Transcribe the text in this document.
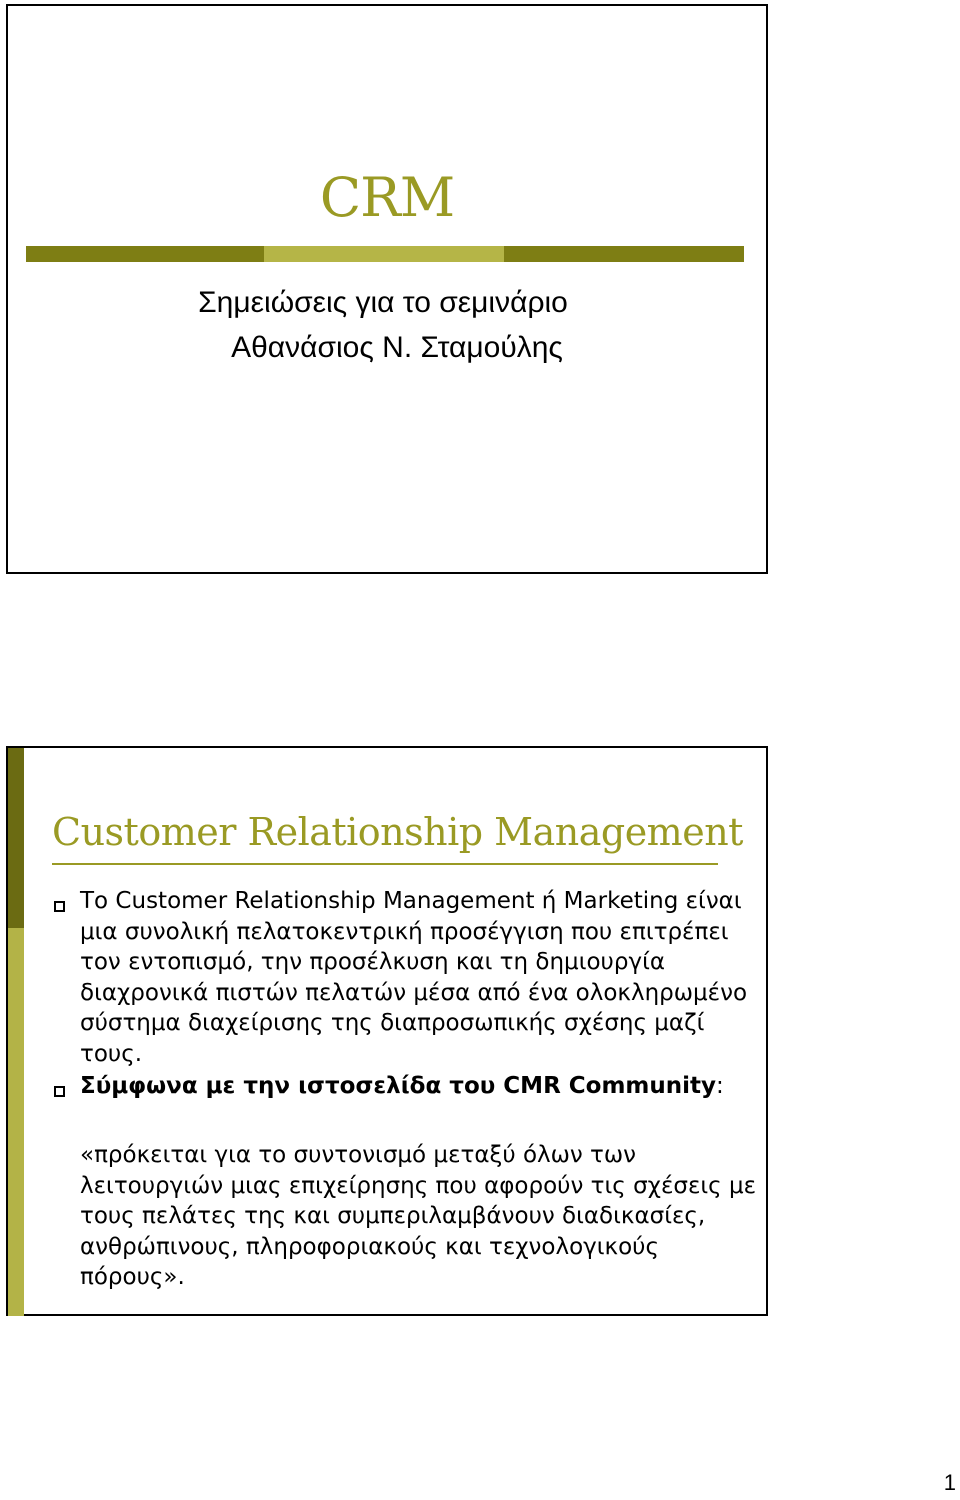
CRM
Σημειώσεις για το σεμινάριο
Αθανάσιος Ν. Σταμούλης
Customer Relationship Management
Το Customer Relationship Management ή Marketing είναι μια συνολική πελατοκεντρική προσέγγιση που επιτρέπει τον εντοπισμό, την προσέλκυση και τη δημιουργία διαχρονικά πιστών πελατών μέσα από ένα ολοκληρωμένο σύστημα διαχείρισης της διαπροσωπικής σχέσης μαζί τους.
Σύμφωνα με την ιστοσελίδα του CMR Community:
«πρόκειται για το συντονισμό μεταξύ όλων των λειτουργιών μιας επιχείρησης που αφορούν τις σχέσεις με τους πελάτες της και συμπεριλαμβάνουν διαδικασίες, ανθρώπινους, πληροφοριακούς και τεχνολογικούς πόρους».
1
